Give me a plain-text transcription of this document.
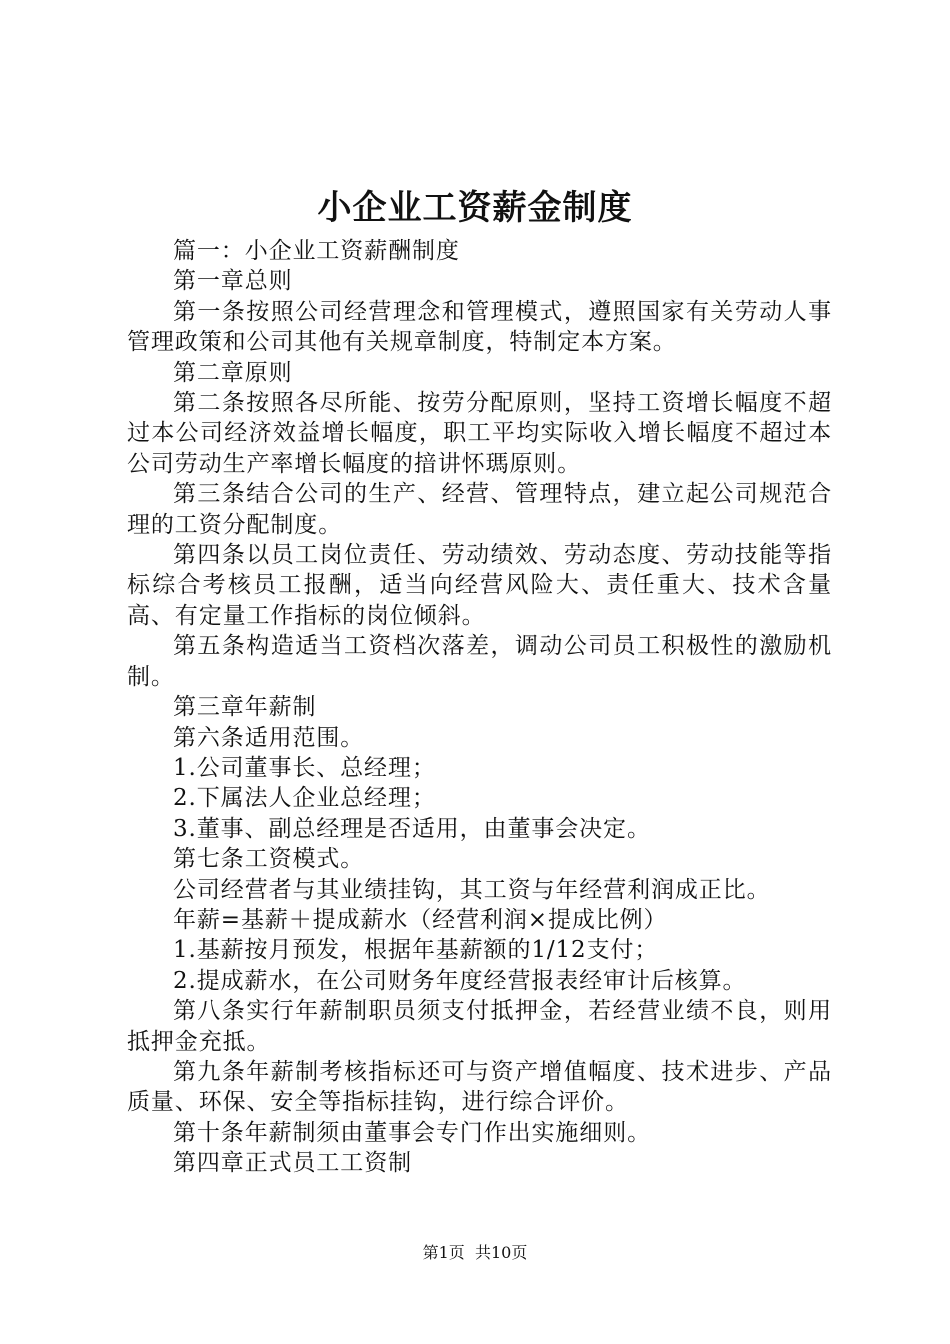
小企业工资薪金制度

篇一：小企业工资薪酬制度

第一章总则

第一条按照公司经营理念和管理模式，遵照国家有关劳动人事管理政策和公司其他有关规章制度，特制定本方案。

第二章原则

第二条按照各尽所能、按劳分配原则，坚持工资增长幅度不超过本公司经济效益增长幅度，职工平均实际收入增长幅度不超过本公司劳动生产率增长幅度的揞讲怀瑪原则。

第三条结合公司的生产、经营、管理特点，建立起公司规范合理的工资分配制度。

第四条以员工岗位责任、劳动绩效、劳动态度、劳动技能等指标综合考核员工报酬，适当向经营风险大、责任重大、技术含量高、有定量工作指标的岗位倾斜。

第五条构造适当工资档次落差，调动公司员工积极性的激励机制。

第三章年薪制

第六条适用范围。

1.公司董事长、总经理；

2.下属法人企业总经理；

3.董事、副总经理是否适用，由董事会决定。

第七条工资模式。

公司经营者与其业绩挂钩，其工资与年经营利润成正比。

年薪=基薪＋提成薪水（经营利润×提成比例）

1.基薪按月预发，根据年基薪额的1/12支付；

2.提成薪水，在公司财务年度经营报表经审计后核算。

第八条实行年薪制职员须支付抵押金，若经营业绩不良，则用抵押金充抵。

第九条年薪制考核指标还可与资产增值幅度、技术进步、产品质量、环保、安全等指标挂钩，进行综合评价。

第十条年薪制须由董事会专门作出实施细则。

第四章正式员工工资制

第1页 共10页
